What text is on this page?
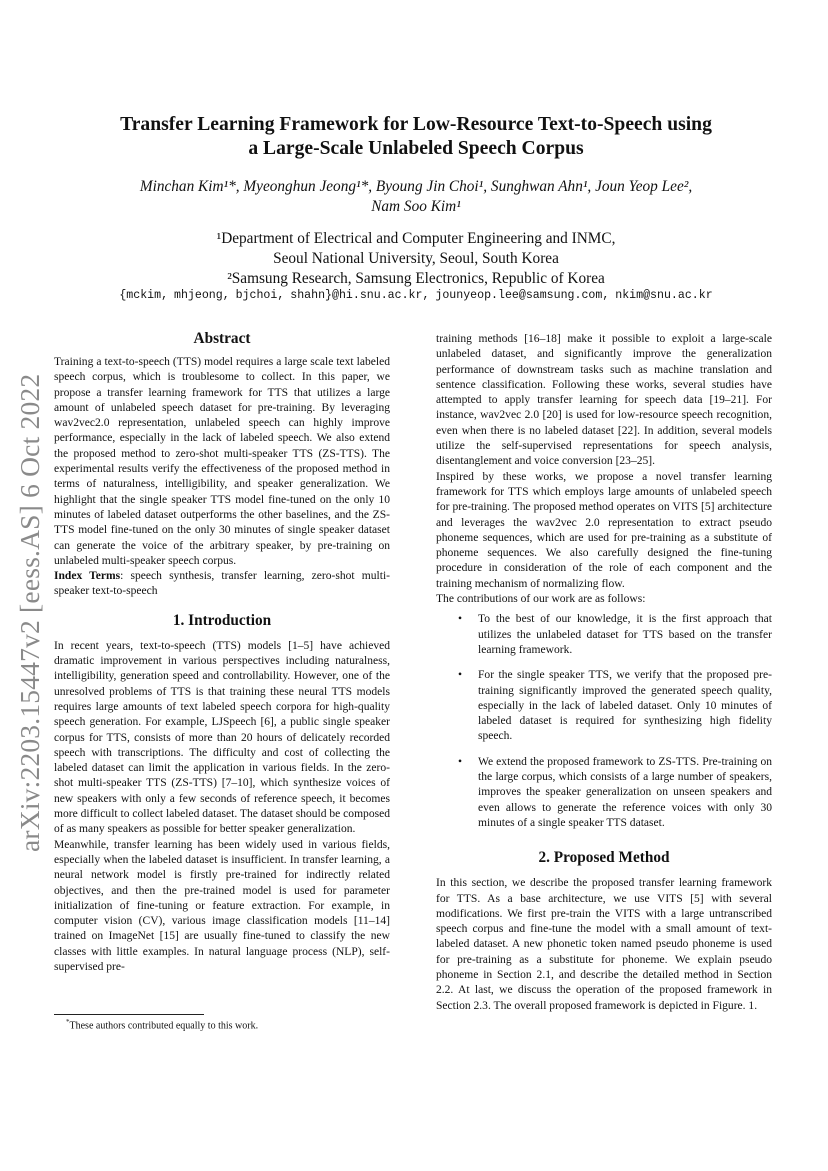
arXiv:2203.15447v2 [eess.AS] 6 Oct 2022
Transfer Learning Framework for Low-Resource Text-to-Speech using
a Large-Scale Unlabeled Speech Corpus
Minchan Kim¹*, Myeonghun Jeong¹*, Byoung Jin Choi¹, Sunghwan Ahn¹, Joun Yeop Lee²,
Nam Soo Kim¹
¹Department of Electrical and Computer Engineering and INMC,
Seoul National University, Seoul, South Korea
²Samsung Research, Samsung Electronics, Republic of Korea
{mckim, mhjeong, bjchoi, shahn}@hi.snu.ac.kr, jounyeop.lee@samsung.com, nkim@snu.ac.kr
Abstract

Training a text-to-speech (TTS) model requires a large scale text labeled speech corpus, which is troublesome to collect. In this paper, we propose a transfer learning framework for TTS that utilizes a large amount of unlabeled speech dataset for pre-training. By leveraging wav2vec2.0 representation, unlabeled speech can highly improve performance, especially in the lack of labeled speech. We also extend the proposed method to zero-shot multi-speaker TTS (ZS-TTS). The experimental results verify the effectiveness of the proposed method in terms of naturalness, intelligibility, and speaker generalization. We highlight that the single speaker TTS model fine-tuned on the only 10 minutes of labeled dataset outperforms the other baselines, and the ZS-TTS model fine-tuned on the only 30 minutes of single speaker dataset can generate the voice of the arbitrary speaker, by pre-training on unlabeled multi-speaker speech corpus.

Index Terms: speech synthesis, transfer learning, zero-shot multi-speaker text-to-speech

1. Introduction

In recent years, text-to-speech (TTS) models [1–5] have achieved dramatic improvement in various perspectives including naturalness, intelligibility, generation speed and controllability. However, one of the unresolved problems of TTS is that training these neural TTS models requires large amounts of text labeled speech corpora for high-quality speech generation. For example, LJSpeech [6], a public single speaker corpus for TTS, consists of more than 20 hours of delicately recorded speech with transcriptions. The difficulty and cost of collecting the labeled dataset can limit the application in various fields. In the zero-shot multi-speaker TTS (ZS-TTS) [7–10], which synthesize voices of new speakers with only a few seconds of reference speech, it becomes more difficult to collect labeled dataset. The dataset should be composed of as many speakers as possible for better speaker generalization.

Meanwhile, transfer learning has been widely used in various fields, especially when the labeled dataset is insufficient. In transfer learning, a neural network model is firstly pre-trained for indirectly related objectives, and then the pre-trained model is used for parameter initialization of fine-tuning or feature extraction. For example, in computer vision (CV), various image classification models [11–14] trained on ImageNet [15] are usually fine-tuned to classify the new classes with little examples. In natural language process (NLP), self-supervised pre-

training methods [16–18] make it possible to exploit a large-scale unlabeled dataset, and significantly improve the generalization performance of downstream tasks such as machine translation and sentence classification. Following these works, several studies have attempted to apply transfer learning for speech data [19–21]. For instance, wav2vec 2.0 [20] is used for low-resource speech recognition, even when there is no labeled dataset [22]. In addition, several models utilize the self-supervised representations for speech analysis, disentanglement and voice conversion [23–25].

Inspired by these works, we propose a novel transfer learning framework for TTS which employs large amounts of unlabeled speech for pre-training. The proposed method operates on VITS [5] architecture and leverages the wav2vec 2.0 representation to extract pseudo phoneme sequences, which are used for pre-training as a substitute of phoneme sequences. We also carefully designed the fine-tuning procedure in consideration of the role of each component and the training mechanism of normalizing flow.

The contributions of our work are as follows:

• To the best of our knowledge, it is the first approach that utilizes the unlabeled dataset for TTS based on the transfer learning framework.
• For the single speaker TTS, we verify that the proposed pre-training significantly improved the generated speech quality, especially in the lack of labeled dataset. Only 10 minutes of labeled dataset is required for synthesizing high fidelity speech.
• We extend the proposed framework to ZS-TTS. Pre-training on the large corpus, which consists of a large number of speakers, improves the speaker generalization on unseen speakers and even allows to generate the reference voices with only 30 minutes of a single speaker TTS dataset.
2. Proposed Method

In this section, we describe the proposed transfer learning framework for TTS. As a base architecture, we use VITS [5] with several modifications. We first pre-train the VITS with a large untranscribed speech corpus and fine-tune the model with a small amount of text-labeled dataset. A new phonetic token named pseudo phoneme is used for pre-training as a substitute for phoneme. We explain pseudo phoneme in Section 2.1, and describe the detailed method in Section 2.2. At last, we discuss the operation of the proposed framework in Section 2.3. The overall proposed framework is depicted in Figure. 1.

*These authors contributed equally to this work.
